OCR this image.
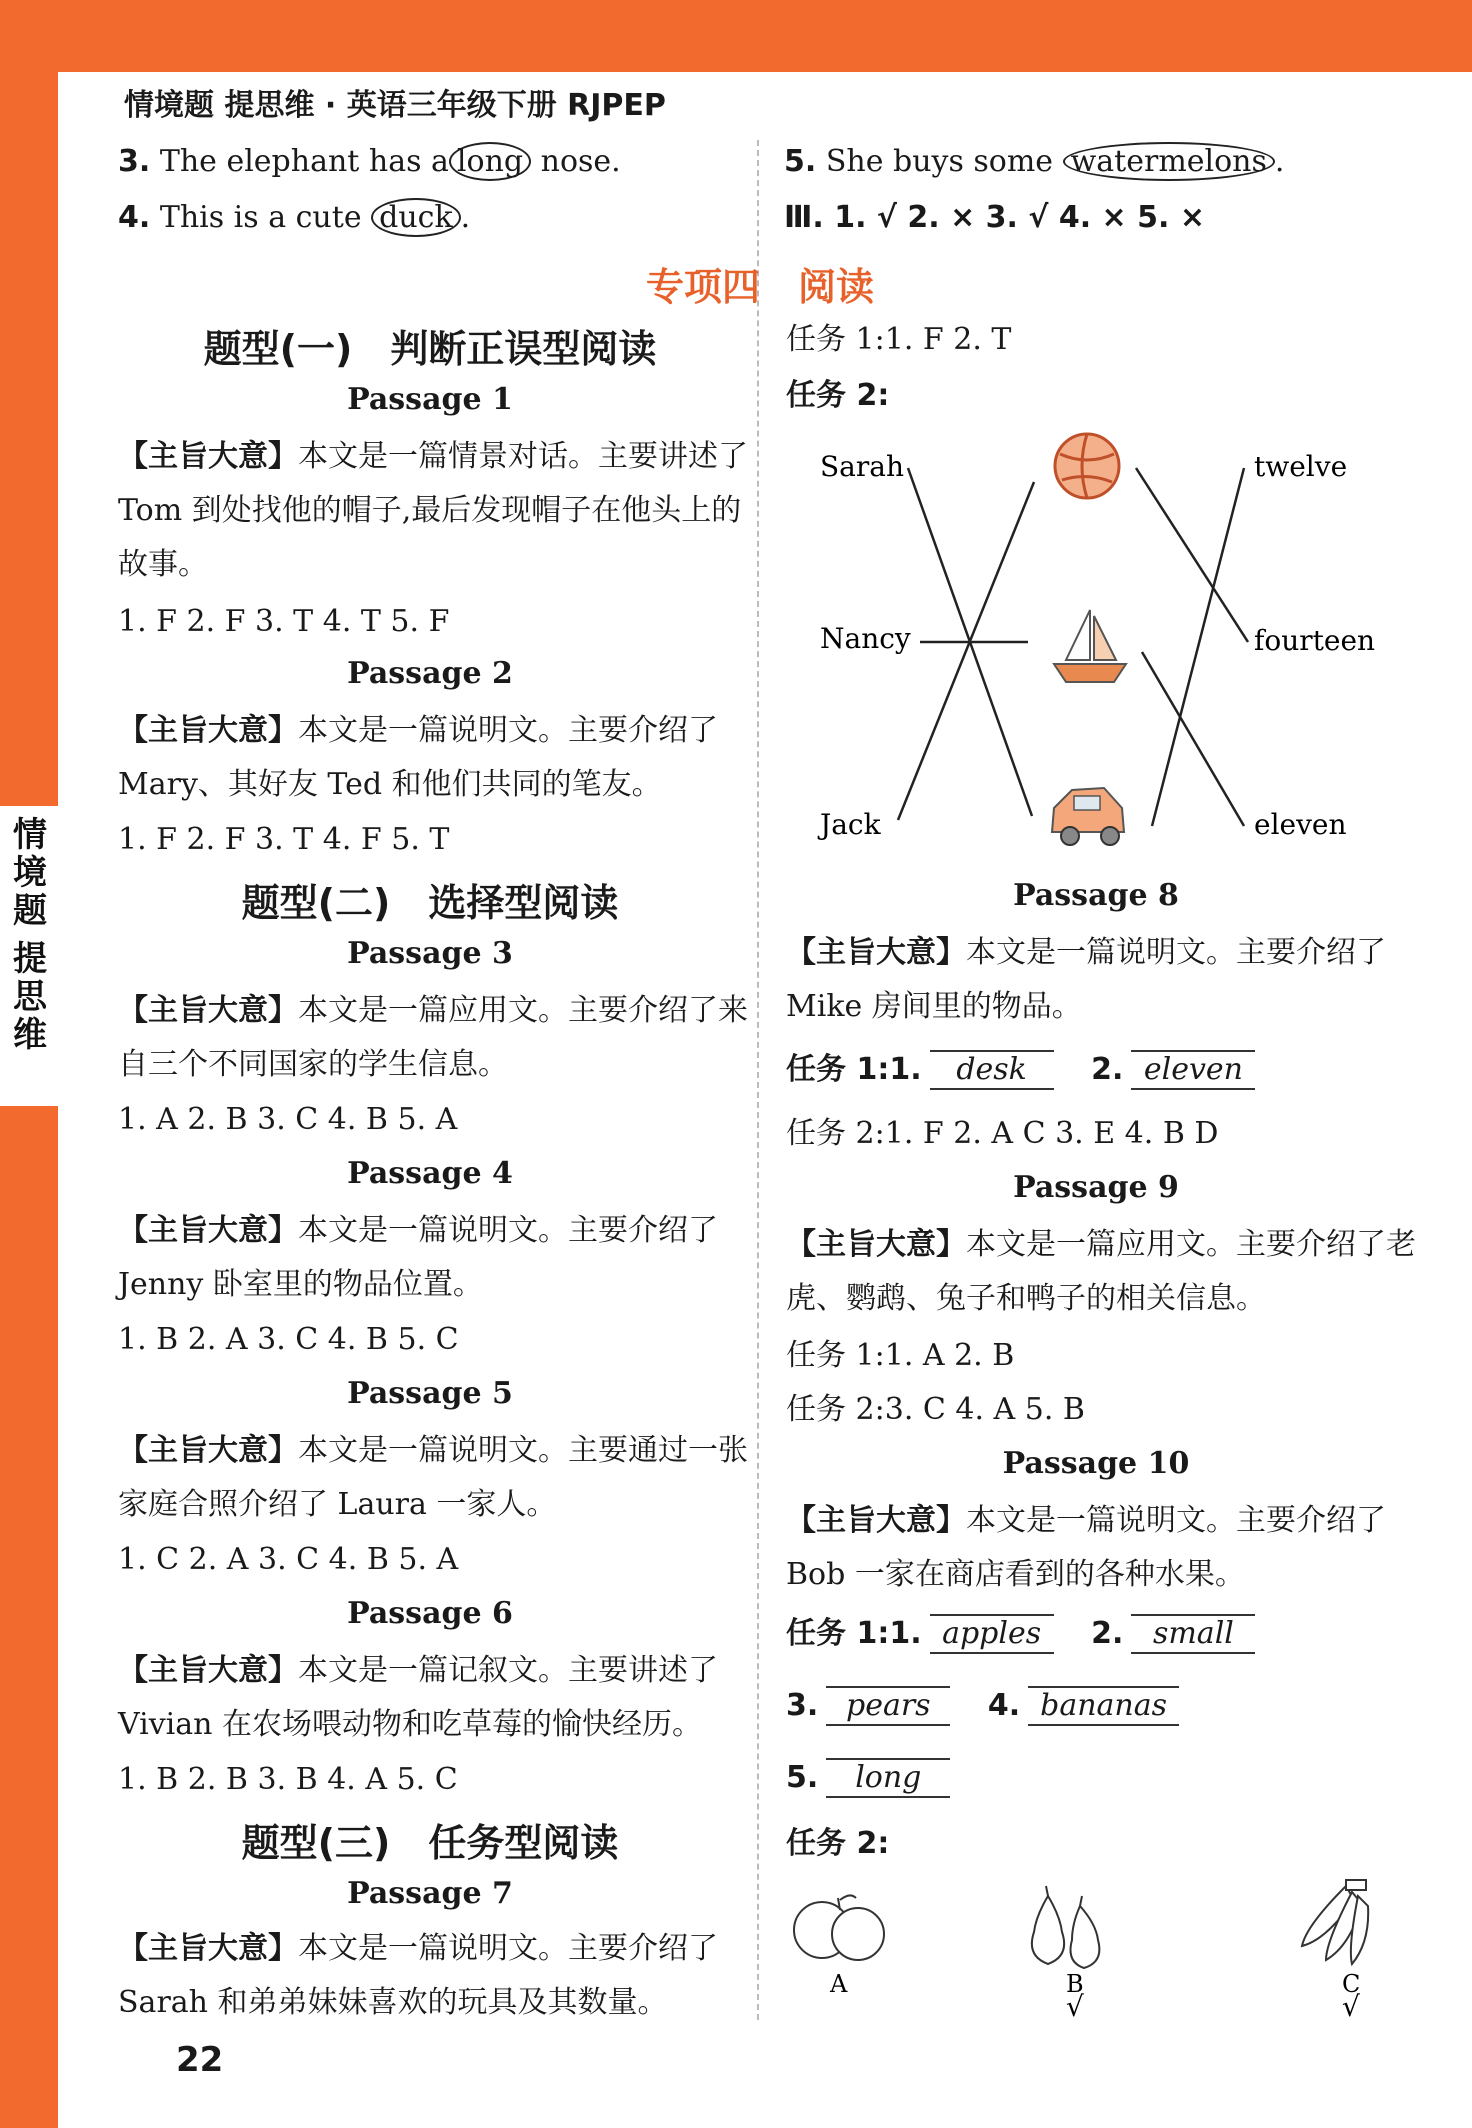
情
境
题
提
思
维
情境题 提思维 · 英语三年级下册 RJPEP
3. The elephant has a long nose.
4. This is a cute duck .
5. She buys some watermelons .
Ⅲ. 1. √ 2. × 3. √ 4. × 5. ×
专项四　阅读
题型(一)　判断正误型阅读
Passage 1
【主旨大意】本文是一篇情景对话。主要讲述了 Tom 到处找他的帽子,最后发现帽子在他头上的故事。
1. F 2. F 3. T 4. T 5. F
Passage 2
【主旨大意】本文是一篇说明文。主要介绍了 Mary、其好友 Ted 和他们共同的笔友。
1. F 2. F 3. T 4. F 5. T
题型(二)　选择型阅读
Passage 3
【主旨大意】本文是一篇应用文。主要介绍了来自三个不同国家的学生信息。
1. A 2. B 3. C 4. B 5. A
Passage 4
【主旨大意】本文是一篇说明文。主要介绍了 Jenny 卧室里的物品位置。
1. B 2. A 3. C 4. B 5. C
Passage 5
【主旨大意】本文是一篇说明文。主要通过一张家庭合照介绍了 Laura 一家人。
1. C 2. A 3. C 4. B 5. A
Passage 6
【主旨大意】本文是一篇记叙文。主要讲述了 Vivian 在农场喂动物和吃草莓的愉快经历。
1. B 2. B 3. B 4. A 5. C
题型(三)　任务型阅读
Passage 7
【主旨大意】本文是一篇说明文。主要介绍了 Sarah 和弟弟妹妹喜欢的玩具及其数量。
22
任务 1:1. F 2. T
任务 2:
Sarah
Nancy
Jack
twelve
fourteen
eleven
Passage 8
【主旨大意】本文是一篇说明文。主要介绍了 Mike 房间里的物品。
任务 1:1. desk 2. eleven
任务 2:1. F 2. A C 3. E 4. B D
Passage 9
【主旨大意】本文是一篇应用文。主要介绍了老虎、鹦鹉、兔子和鸭子的相关信息。
任务 1:1. A 2. B
任务 2:3. C 4. A 5. B
Passage 10
【主旨大意】本文是一篇说明文。主要介绍了 Bob 一家在商店看到的各种水果。
任务 1:1. apples 2. small
3. pears 4. bananas
5. long
任务 2:
A	B
√
C
√
